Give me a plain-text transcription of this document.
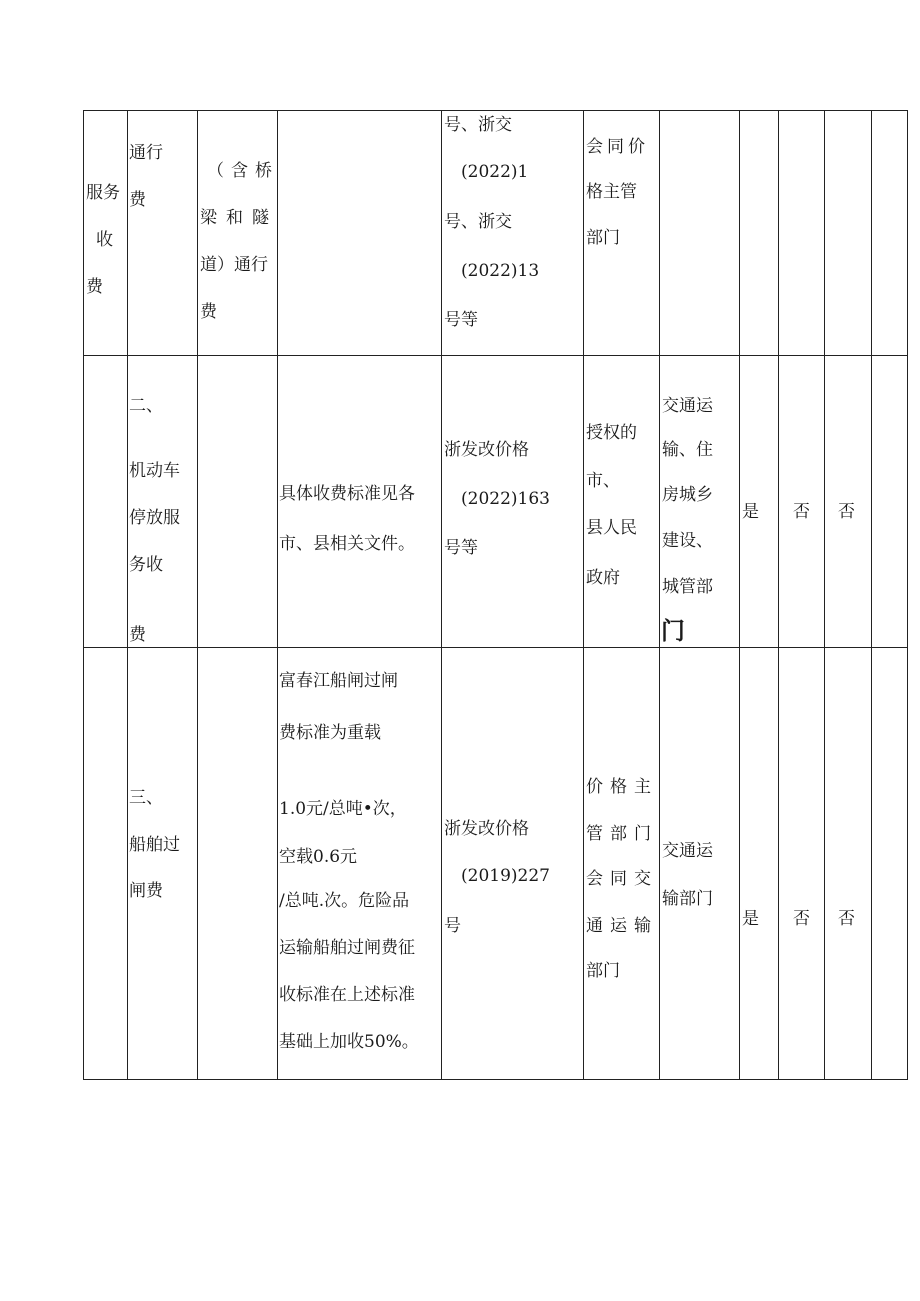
服务
收
费
通行
费
（含桥
梁和隧
道）通行
费
号、浙交
(2022)1
号、浙交
(2022)13
号等
会同价
格主管
部门
二、
机动车
停放服
务收
费
具体收费标准见各
市、县相关文件。
浙发改价格
(2022)163
号等
授权的
市、
县人民
政府
交通运
输、住
房城乡
建设、
城管部
门
是 否 否
三、
船舶过
闸费
富春江船闸过闸
费标准为重载
1.0元/总吨•次，
空载0.6元
/总吨.次。危险品
运输船舶过闸费征
收标准在上述标准
基础上加收50%。
浙发改价格
(2019)227
号
价格主
管部门
会同交
通运输
部门
交通运
输部门
是 否 否
